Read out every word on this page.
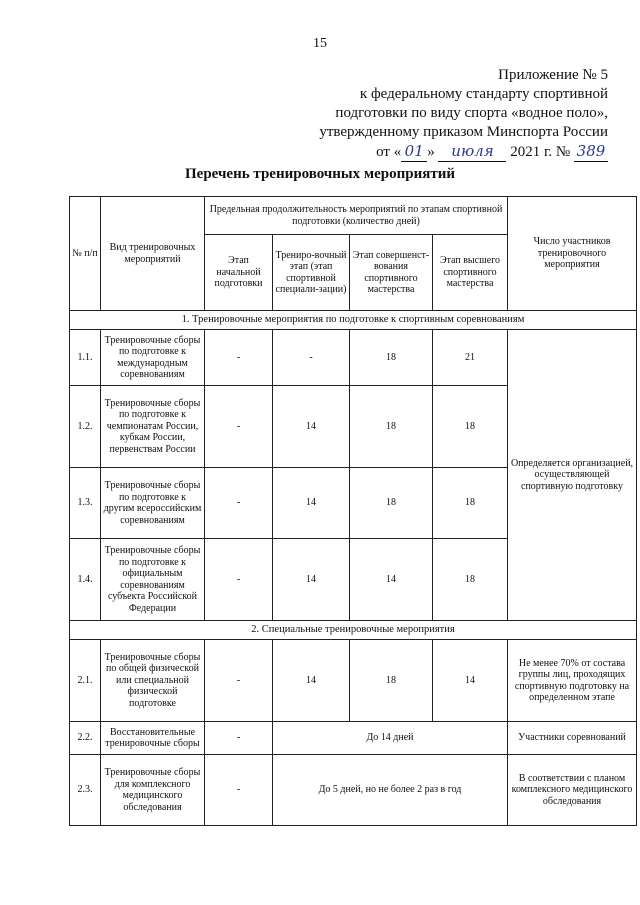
15
Приложение № 5
к федеральному стандарту спортивной
подготовки по виду спорта «водное поло»,
утвержденному приказом Минспорта России
от « 01 » июля 2021 г. № 389
Перечень тренировочных мероприятий
№ п/п	Вид тренировочных мероприятий	Предельная продолжительность мероприятий по этапам спортивной подготовки (количество дней)				Число участников тренировочного мероприятия
		Этап начальной подготовки	Трениро-вочный этап (этап спортивной специали-зации)	Этап совершенст-вования спортивного мастерства	Этап высшего спортивного мастерства	
1. Тренировочные мероприятия по подготовке к спортивным соревнованиям						
1.1.	Тренировочные сборы по подготовке к международным соревнованиям	-	-	18	21	Определяется организацией, осуществляющей спортивную подготовку
1.2.	Тренировочные сборы по подготовке к чемпионатам России, кубкам России, первенствам России	-	14	18	18	
1.3.	Тренировочные сборы по подготовке к другим всероссийским соревнованиям	-	14	18	18	
1.4.	Тренировочные сборы по подготовке к официальным соревнованиям субъекта Российской Федерации	-	14	14	18	
2. Специальные тренировочные мероприятия						
2.1.	Тренировочные сборы по общей физической или специальной физической подготовке	-	14	18	14	Не менее 70% от состава группы лиц, проходящих спортивную подготовку на определенном этапе
2.2.	Восстановительные тренировочные сборы	-	До 14 дней			Участники соревнований
2.3.	Тренировочные сборы для комплексного медицинского обследования	-	До 5 дней, но не более 2 раз в год			В соответствии с планом комплексного медицинского обследования
